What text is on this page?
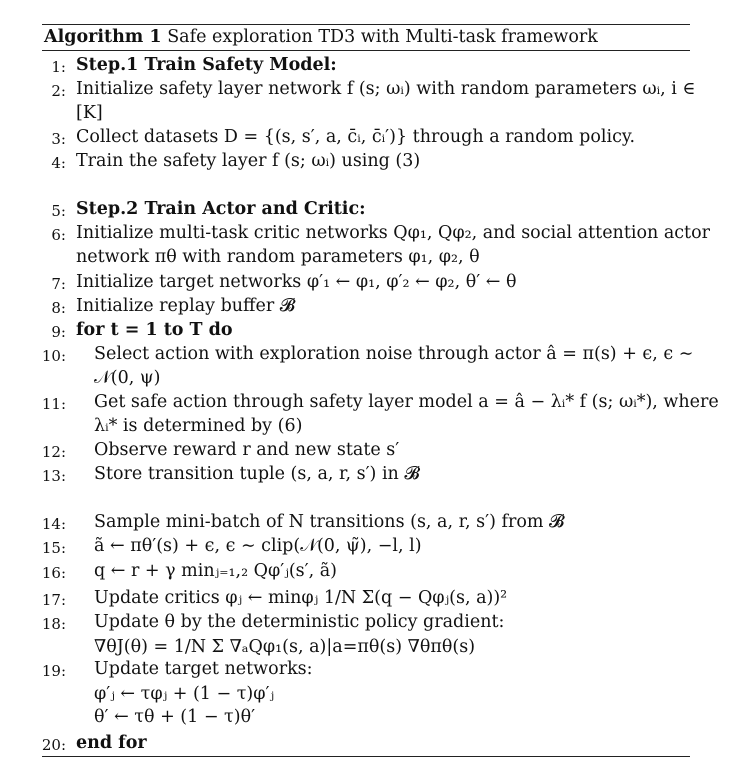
Algorithm 1 Safe exploration TD3 with Multi-task framework
1: Step.1 Train Safety Model:
2: Initialize safety layer network f (s; ωᵢ) with random parameters ωᵢ, i ∈
[K]
3: Collect datasets D = {(s, s′, a, c̄ᵢ, c̄ᵢ′)} through a random policy.
4: Train the safety layer f (s; ωᵢ) using (3)
5: Step.2 Train Actor and Critic:
6: Initialize multi-task critic networks Qφ₁, Qφ₂, and social attention actor
network πθ with random parameters φ₁, φ₂, θ
7: Initialize target networks φ′₁ ← φ₁, φ′₂ ← φ₂, θ′ ← θ
8: Initialize replay buffer 𝓑
9: for t = 1 to T do
10: Select action with exploration noise through actor â = π(s) + ϵ, ϵ ∼
𝒩(0, ψ)
11: Get safe action through safety layer model a = â − λᵢ* f (s; ωᵢ*), where
λᵢ* is determined by (6)
12: Observe reward r and new state s′
13: Store transition tuple (s, a, r, s′) in 𝓑
14: Sample mini-batch of N transitions (s, a, r, s′) from 𝓑
15: ã ← πθ′(s) + ϵ, ϵ ∼ clip(𝒩(0, ψ̃), −l, l)
16: q ← r + γ minⱼ₌₁,₂ Qφ′ⱼ(s′, ã)
17: Update critics φⱼ ← minφⱼ 1/N Σ(q − Qφⱼ(s, a))²
18: Update θ by the deterministic policy gradient:
∇θJ(θ) = 1/N Σ ∇ₐQφ₁(s, a)|a=πθ(s) ∇θπθ(s)
19: Update target networks:
φ′ⱼ ← τφⱼ + (1 − τ)φ′ⱼ
θ′ ← τθ + (1 − τ)θ′
20: end for
